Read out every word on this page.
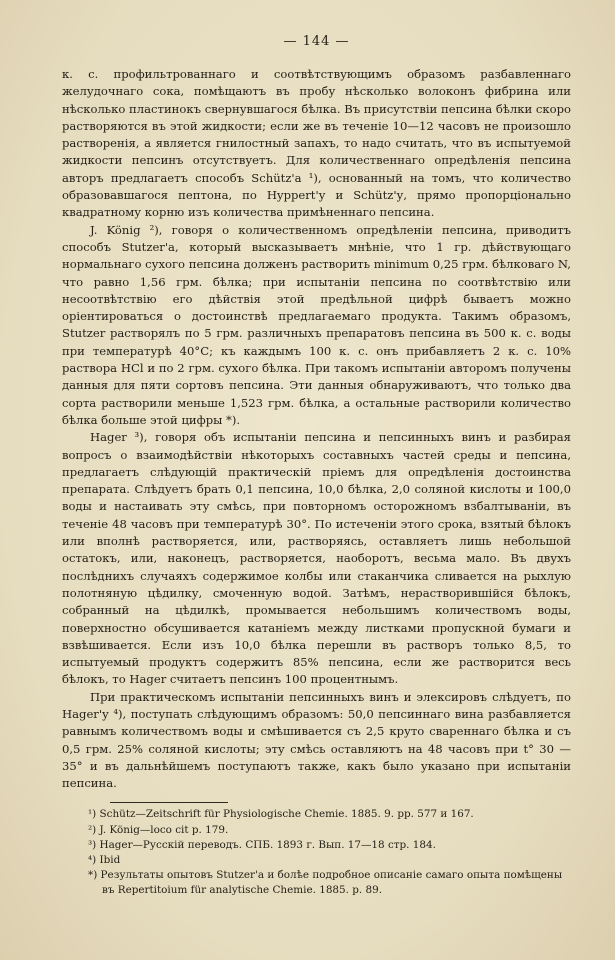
— 144 —

к. с. профильтрованнаго и соотвѣтствующимъ образомъ разбавленнаго желудочнаго сока, помѣщаютъ въ пробу нѣсколько волоконъ фибрина или нѣсколько пластинокъ свернувшагося бѣлка. Въ присутствіи пепсина бѣлки скоро растворяются въ этой жидкости; если же въ теченіе 10—12 часовъ не произошло растворенія, а является гнилостный запахъ, то надо считать, что въ испытуемой жидкости пепсинъ отсутствуетъ. Для количественнаго опредѣленія пепсина авторъ предлагаетъ способъ Schütz'а ¹), основанный на томъ, что количество образовавшагося пептона, по Hyppert'у и Schütz'у, прямо пропорціонально квадратному корню изъ количества примѣненнаго пепсина.

J. König ²), говоря о количественномъ опредѣленіи пепсина, приводитъ способъ Stutzer'а, который высказываетъ мнѣніе, что 1 гр. дѣйствующаго нормальнаго сухого пепсина долженъ растворить minimum 0,25 грм. бѣлковаго N, что равно 1,56 грм. бѣлка; при испытаніи пепсина по соотвѣтствію или несоотвѣтствію его дѣйствія этой предѣльной цифрѣ бываетъ можно оріентироваться о достоинствѣ предлагаемаго продукта. Такимъ образомъ, Stutzer растворялъ по 5 грм. различныхъ препаратовъ пепсина въ 500 к. с. воды при температурѣ 40°С; къ каждымъ 100 к. с. онъ прибавляетъ 2 к. с. 10% раствора HCl и по 2 грм. сухого бѣлка. При такомъ испытаніи авторомъ получены данныя для пяти сортовъ пепсина. Эти данныя обнаруживаютъ, что только два сорта растворили меньше 1,523 грм. бѣлка, а остальные растворили количество бѣлка больше этой цифры *).

Hager ³), говоря объ испытаніи пепсина и пепсинныхъ винъ и разбирая вопросъ о взаимодѣйствіи нѣкоторыхъ составныхъ частей среды и пепсина, предлагаетъ слѣдующій практическій пріемъ для опредѣленія достоинства препарата. Слѣдуетъ брать 0,1 пепсина, 10,0 бѣлка, 2,0 соляной кислоты и 100,0 воды и настаивать эту смѣсь, при повторномъ осторожномъ взбалтываніи, въ теченіе 48 часовъ при температурѣ 30°. По истеченіи этого срока, взятый бѣлокъ или вполнѣ растворяется, или, растворяясь, оставляетъ лишь небольшой остатокъ, или, наконецъ, растворяется, наоборотъ, весьма мало. Въ двухъ послѣднихъ случаяхъ содержимое колбы или стаканчика сливается на рыхлую полотняную цѣдилку, смоченную водой. Затѣмъ, нерастворившійся бѣлокъ, собранный на цѣдилкѣ, промывается небольшимъ количествомъ воды, поверхностно обсушивается катаніемъ между листками пропускной бумаги и взвѣшивается. Если изъ 10,0 бѣлка перешли въ растворъ только 8,5, то испытуемый продуктъ содержитъ 85% пепсина, если же растворится весь бѣлокъ, то Hager считаетъ пепсинъ 100 процентнымъ.

При практическомъ испытаніи пепсинныхъ винъ и элексировъ слѣдуетъ, по Hager'у ⁴), поступать слѣдующимъ образомъ: 50,0 пепсиннаго вина разбавляется равнымъ количествомъ воды и смѣшивается съ 2,5 круто свареннаго бѣлка и съ 0,5 грм. 25% соляной кислоты; эту смѣсь оставляютъ на 48 часовъ при t° 30 — 35° и въ дальнѣйшемъ поступаютъ также, какъ было указано при испытаніи пепсина.

¹) Schütz—Zeitschrift für Physiologische Chemie. 1885. 9. pp. 577 и 167.

²) J. König—loco cit p. 179.

³) Hager—Русскій переводъ. СПБ. 1893 г. Вып. 17—18 стр. 184.

⁴) Ibid

*) Результаты опытовъ Stutzer'а и болѣе подробное описаніе самаго опыта помѣщены въ Repertitoium für analytische Chemie. 1885. p. 89.
